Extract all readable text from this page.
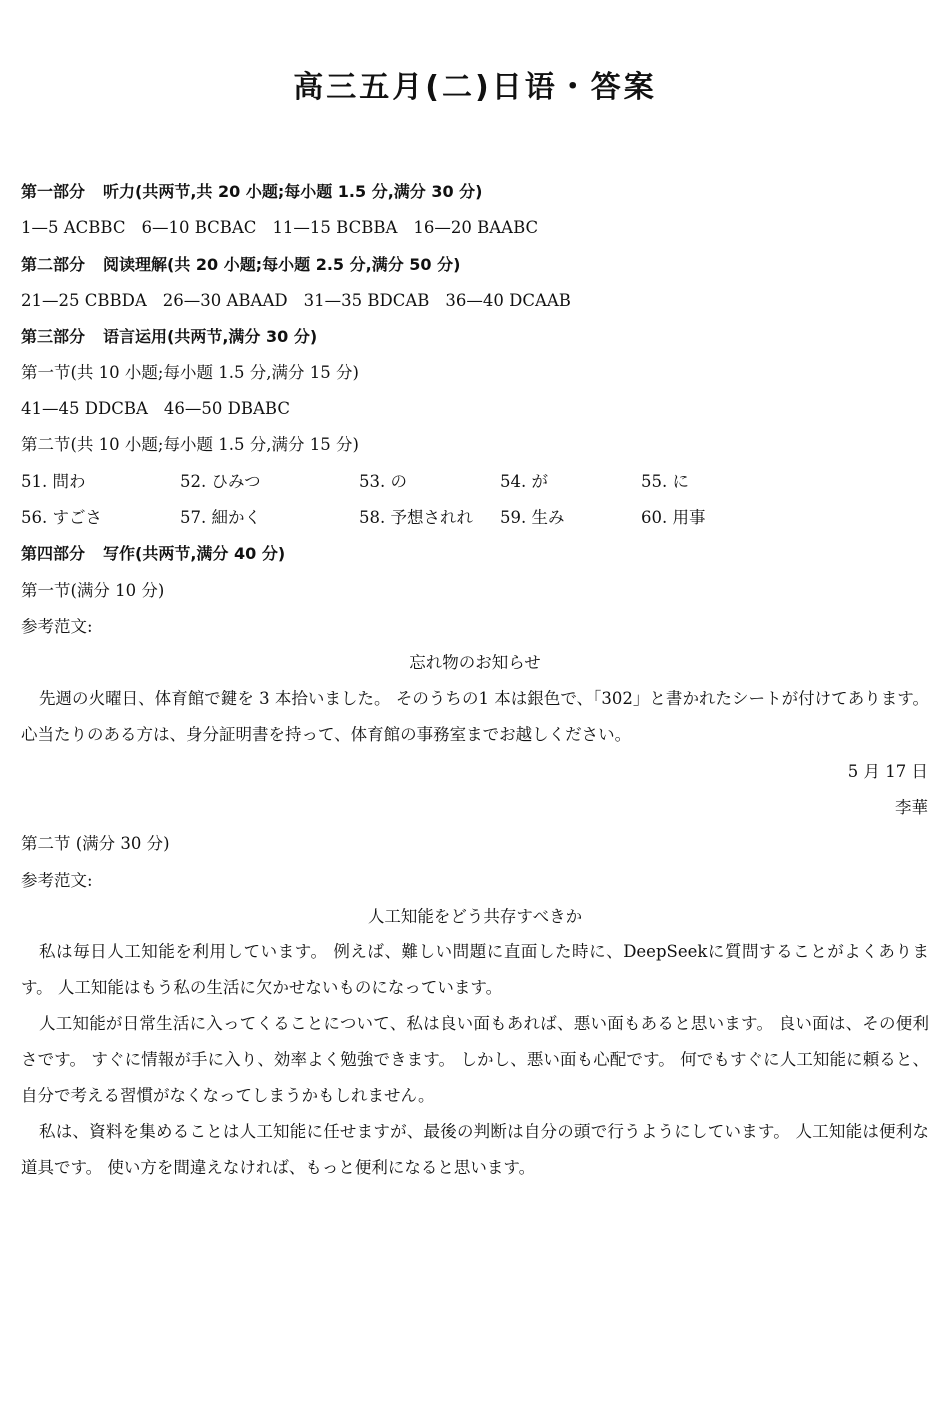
高三五月(二)日语・答案
第一部分 听力(共两节,共 20 小题;每小题 1.5 分,满分 30 分)
1—5 ACBBC 6—10 BCBAC 11—15 BCBBA 16—20 BAABC
第二部分 阅读理解(共 20 小题;每小题 2.5 分,满分 50 分)
21—25 CBBDA 26—30 ABAAD 31—35 BDCAB 36—40 DCAAB
第三部分 语言运用(共两节,满分 30 分)
第一节(共 10 小题;每小题 1.5 分,满分 15 分)
41—45 DDCBA 46—50 DBABC
第二节(共 10 小题;每小题 1.5 分,满分 15 分)
51. 問わ	52. ひみつ	53. の	54. が	55. に
56. すごさ	57. 細かく	58. 予想されれ 59. 生み	60. 用事
第四部分 写作(共两节,满分 40 分)
第一节(满分 10 分)
参考范文:
忘れ物のお知らせ

先週の火曜日、体育館で鍵を 3 本拾いました。 そのうちの1 本は銀色で、「302」と書かれたシートが付けてあります。 心当たりのある方は、身分証明書を持って、体育館の事務室までお越しください。

5 月 17 日
李華
第二节 (满分 30 分)
参考范文:
人工知能をどう共存すべきか

私は毎日人工知能を利用しています。 例えば、難しい問題に直面した時に、DeepSeekに質問することがよくあります。 人工知能はもう私の生活に欠かせないものになっています。

人工知能が日常生活に入ってくることについて、私は良い面もあれば、悪い面もあると思います。 良い面は、その便利さです。 すぐに情報が手に入り、効率よく勉強できます。 しかし、悪い面も心配です。 何でもすぐに人工知能に頼ると、自分で考える習慣がなくなってしまうかもしれません。

私は、資料を集めることは人工知能に任せますが、最後の判断は自分の頭で行うようにしています。 人工知能は便利な道具です。 使い方を間違えなければ、もっと便利になると思います。
